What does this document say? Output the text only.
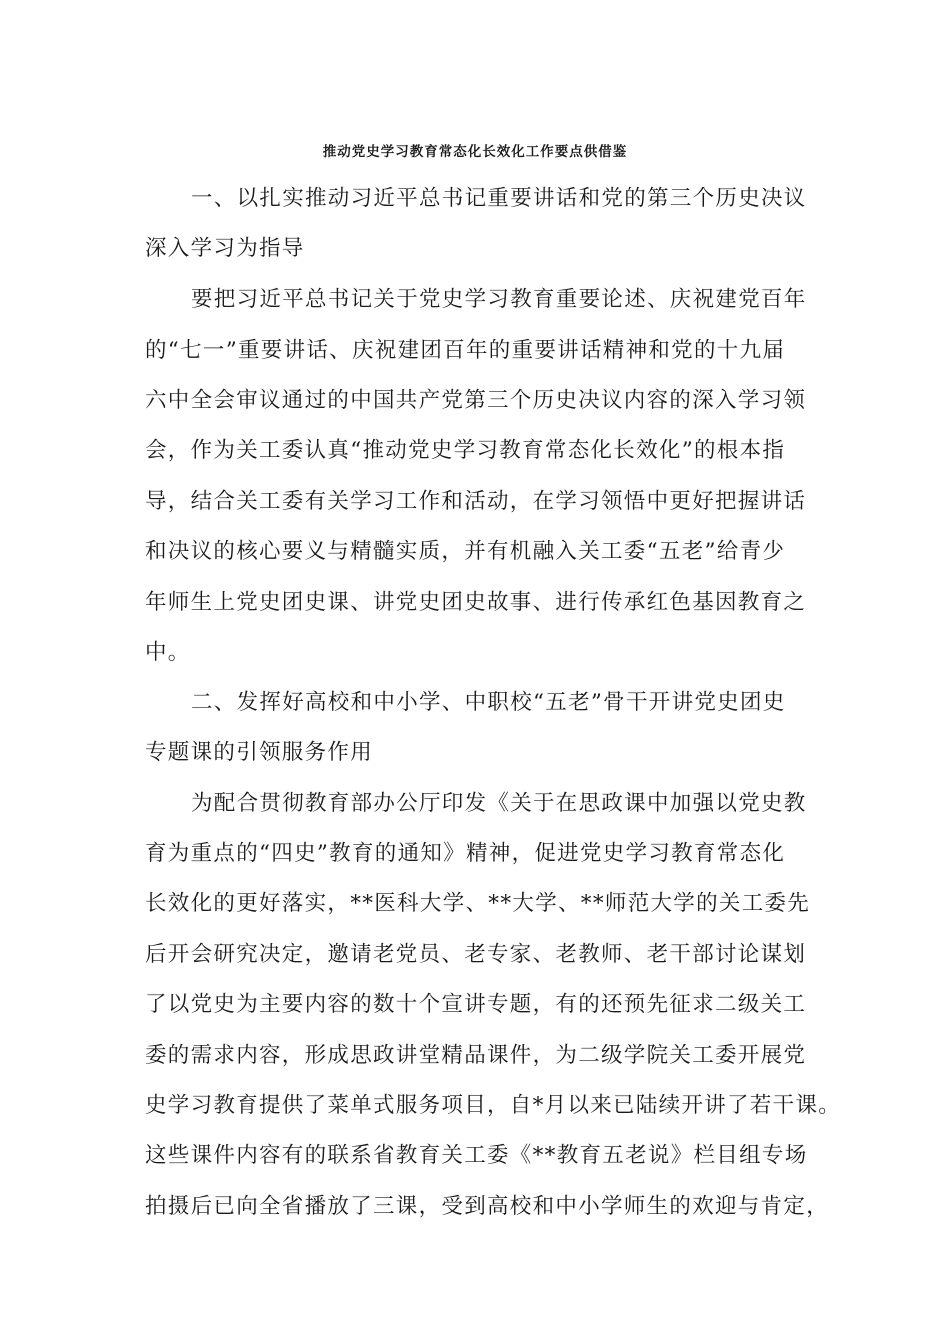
推动党史学习教育常态化长效化工作要点供借鉴
一、以扎实推动习近平总书记重要讲话和党的第三个历史决议
深入学习为指导
要把习近平总书记关于党史学习教育重要论述、庆祝建党百年
的“七一”重要讲话、庆祝建团百年的重要讲话精神和党的十九届
六中全会审议通过的中国共产党第三个历史决议内容的深入学习领
会，作为关工委认真“推动党史学习教育常态化长效化”的根本指
导，结合关工委有关学习工作和活动，在学习领悟中更好把握讲话
和决议的核心要义与精髓实质，并有机融入关工委“五老”给青少
年师生上党史团史课、讲党史团史故事、进行传承红色基因教育之
中。
二、发挥好高校和中小学、中职校“五老”骨干开讲党史团史
专题课的引领服务作用
为配合贯彻教育部办公厅印发《关于在思政课中加强以党史教
育为重点的“四史”教育的通知》精神，促进党史学习教育常态化
长效化的更好落实，**医科大学、**大学、**师范大学的关工委先
后开会研究决定，邀请老党员、老专家、老教师、老干部讨论谋划
了以党史为主要内容的数十个宣讲专题，有的还预先征求二级关工
委的需求内容，形成思政讲堂精品课件，为二级学院关工委开展党
史学习教育提供了菜单式服务项目，自*月以来已陆续开讲了若干课。
这些课件内容有的联系省教育关工委《**教育五老说》栏目组专场
拍摄后已向全省播放了三课，受到高校和中小学师生的欢迎与肯定，
